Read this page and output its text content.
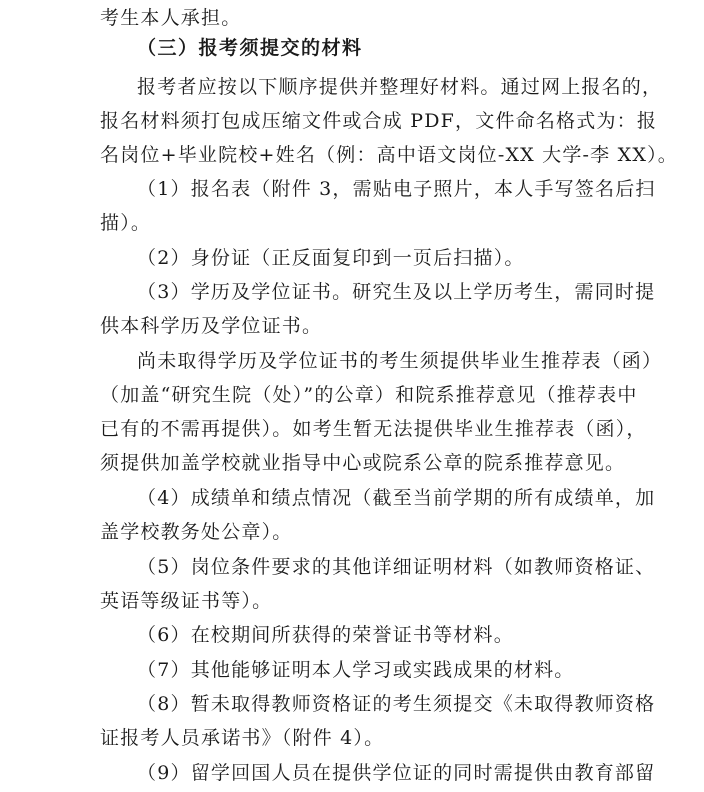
考生本人承担。
（三）报考须提交的材料
报考者应按以下顺序提供并整理好材料。通过网上报名的，
报名材料须打包成压缩文件或合成 PDF，文件命名格式为：报
名岗位+毕业院校+姓名（例：高中语文岗位-XX 大学-李 XX）。
（1）报名表（附件 3，需贴电子照片，本人手写签名后扫
描）。
（2）身份证（正反面复印到一页后扫描）。
（3）学历及学位证书。研究生及以上学历考生，需同时提
供本科学历及学位证书。
尚未取得学历及学位证书的考生须提供毕业生推荐表（函）
（加盖“研究生院（处）”的公章）和院系推荐意见（推荐表中
已有的不需再提供）。如考生暂无法提供毕业生推荐表（函），
须提供加盖学校就业指导中心或院系公章的院系推荐意见。
（4）成绩单和绩点情况（截至当前学期的所有成绩单，加
盖学校教务处公章）。
（5）岗位条件要求的其他详细证明材料（如教师资格证、
英语等级证书等）。
（6）在校期间所获得的荣誉证书等材料。
（7）其他能够证明本人学习或实践成果的材料。
（8）暂未取得教师资格证的考生须提交《未取得教师资格
证报考人员承诺书》（附件 4）。
（9）留学回国人员在提供学位证的同时需提供由教育部留
